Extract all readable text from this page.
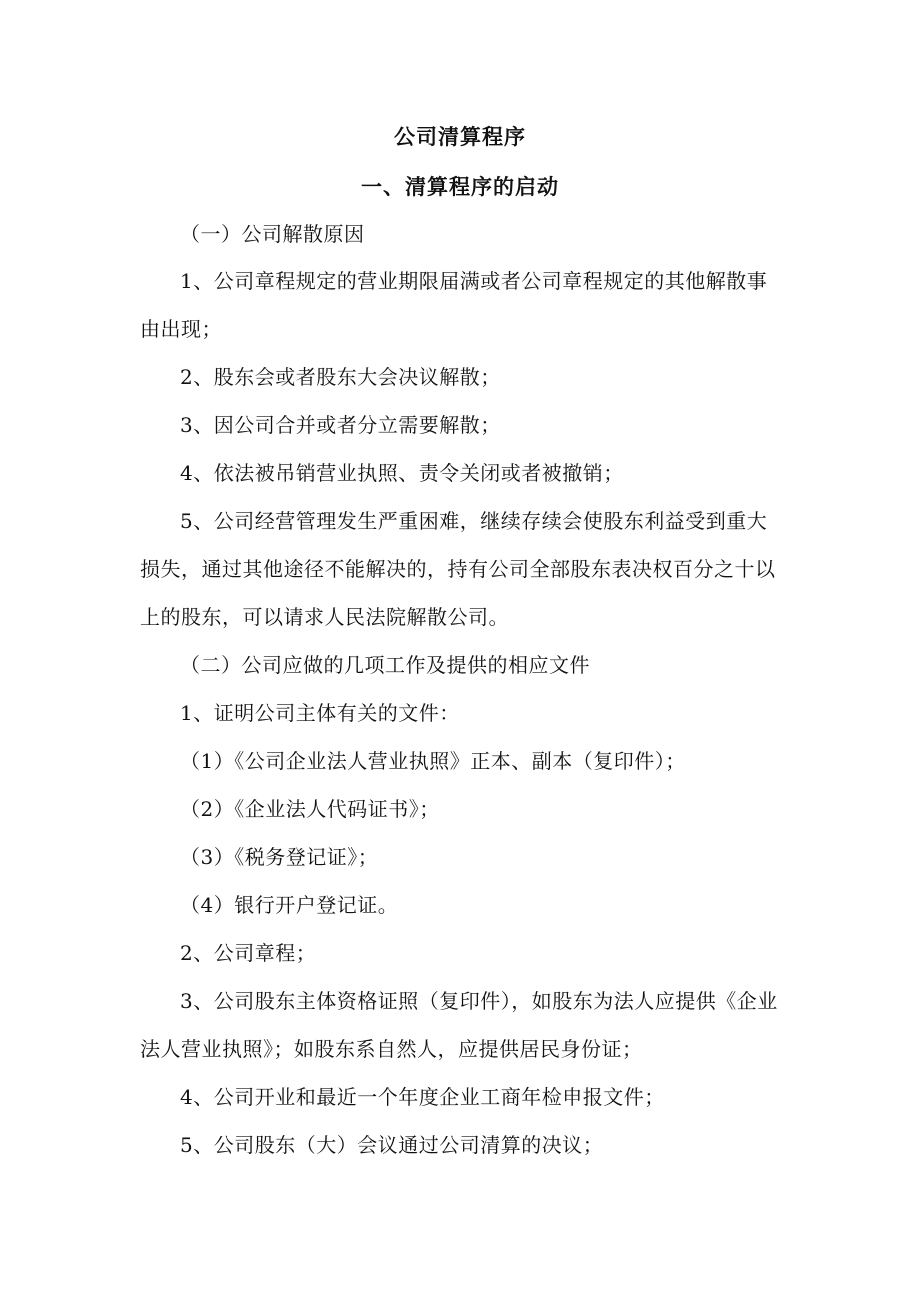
公司清算程序
一、清算程序的启动
（一）公司解散原因
1、公司章程规定的营业期限届满或者公司章程规定的其他解散事由出现；
2、股东会或者股东大会决议解散；
3、因公司合并或者分立需要解散；
4、依法被吊销营业执照、责令关闭或者被撤销；
5、公司经营管理发生严重困难，继续存续会使股东利益受到重大损失，通过其他途径不能解决的，持有公司全部股东表决权百分之十以上的股东，可以请求人民法院解散公司。
（二）公司应做的几项工作及提供的相应文件
1、证明公司主体有关的文件：
（1）《公司企业法人营业执照》正本、副本（复印件）；
（2）《企业法人代码证书》；
（3）《税务登记证》；
（4）银行开户登记证。
2、公司章程；
3、公司股东主体资格证照（复印件），如股东为法人应提供《企业法人营业执照》；如股东系自然人，应提供居民身份证；
4、公司开业和最近一个年度企业工商年检申报文件；
5、公司股东（大）会议通过公司清算的决议；
